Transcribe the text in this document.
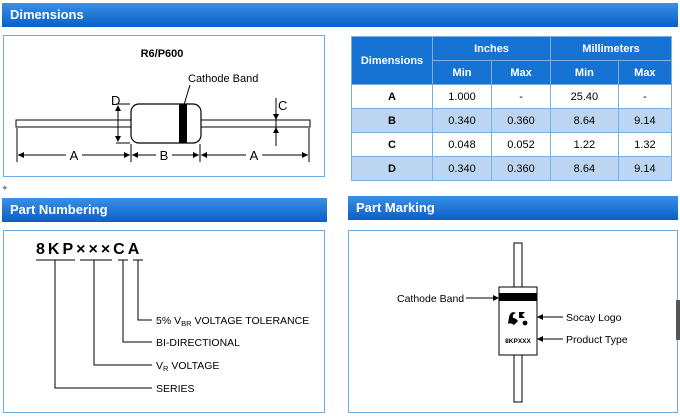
Dimensions
Part Numbering	Part Marking
R6/P600
Cathode Band
D	C
A	B	A
Dimensions	Inches		Millimeters	
	Min	Max	Min	Max
A	1.000	-	25.40	-
B	0.340	0.360	8.64	9.14
C	0.048	0.052	1.22	1.32
D	0.340	0.360	8.64	9.14
✦
8KP×××CA
5% VBR VOLTAGE TOLERANCE
BI-DIRECTIONAL
VR VOLTAGE
SERIES
8KPXXX
Cathode Band
Socay Logo
Product Type
